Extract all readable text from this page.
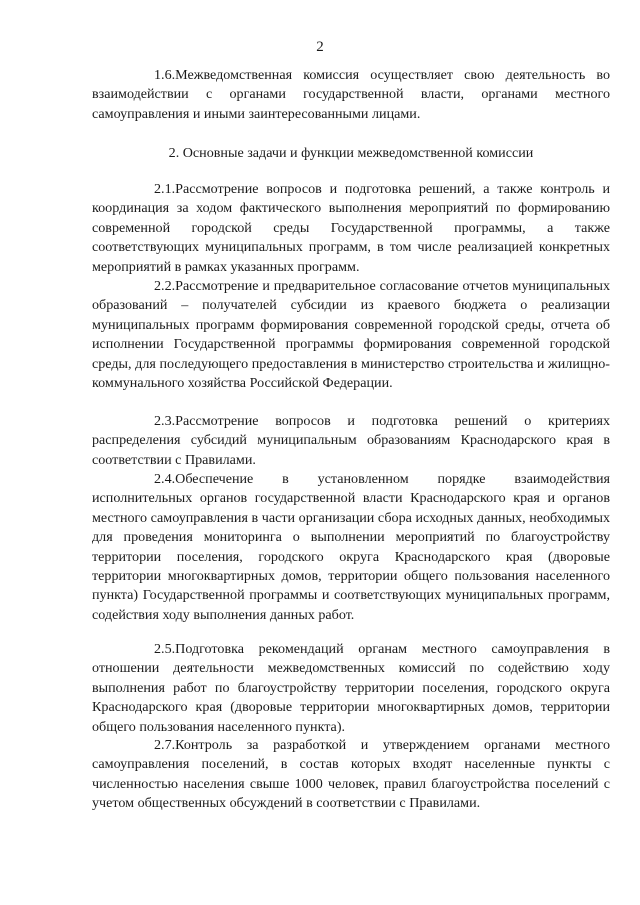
2

1.6.Межведомственная комиссия осуществляет свою деятельность во взаимодействии с органами государственной власти, органами местного самоуправления и иными заинтересованными лицами.

2. Основные задачи и функции межведомственной комиссии

2.1.Рассмотрение вопросов и подготовка решений, а также контроль и координация за ходом фактического выполнения мероприятий по формированию современной городской среды Государственной программы, а также соответствующих муниципальных программ, в том числе реализацией конкретных мероприятий в рамках указанных программ.

2.2.Рассмотрение и предварительное согласование отчетов муниципальных образований – получателей субсидии из краевого бюджета о реализации муниципальных программ формирования современной городской среды, отчета об исполнении Государственной программы формирования современной городской среды, для последующего предоставления в министерство строительства и жилищно-коммунального хозяйства Российской Федерации.

2.3.Рассмотрение вопросов и подготовка решений о критериях распределения субсидий муниципальным образованиям Краснодарского края в соответствии с Правилами.

2.4.Обеспечение в установленном порядке взаимодействия исполнительных органов государственной власти Краснодарского края и органов местного самоуправления в части организации сбора исходных данных, необходимых для проведения мониторинга о выполнении мероприятий по благоустройству территории поселения, городского округа Краснодарского края (дворовые территории многоквартирных домов, территории общего пользования населенного пункта) Государственной программы и соответствующих муниципальных программ, содействия ходу выполнения данных работ.

2.5.Подготовка рекомендаций органам местного самоуправления в отношении деятельности межведомственных комиссий по содействию ходу выполнения работ по благоустройству территории поселения, городского округа Краснодарского края (дворовые территории многоквартирных домов, территории общего пользования населенного пункта).

2.7.Контроль за разработкой и утверждением органами местного самоуправления поселений, в состав которых входят населенные пункты с численностью населения свыше 1000 человек, правил благоустройства поселений с учетом общественных обсуждений в соответствии с Правилами.
